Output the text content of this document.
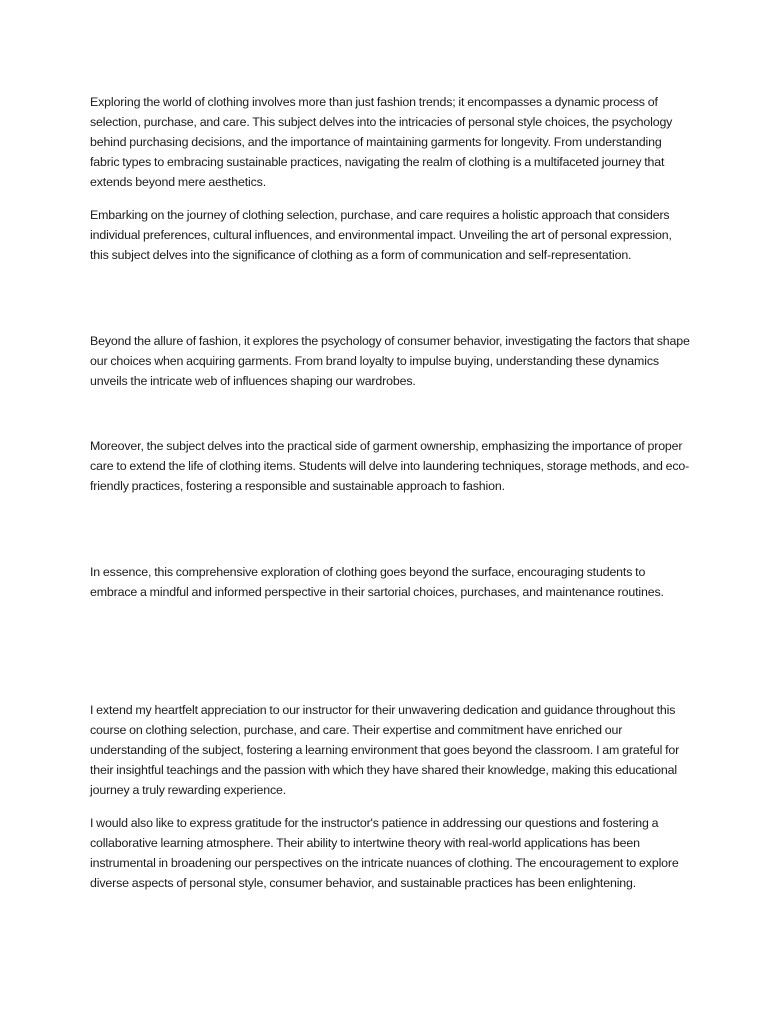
Exploring the world of clothing involves more than just fashion trends; it encompasses a dynamic process of selection, purchase, and care. This subject delves into the intricacies of personal style choices, the psychology behind purchasing decisions, and the importance of maintaining garments for longevity. From understanding fabric types to embracing sustainable practices, navigating the realm of clothing is a multifaceted journey that extends beyond mere aesthetics.

Embarking on the journey of clothing selection, purchase, and care requires a holistic approach that considers individual preferences, cultural influences, and environmental impact. Unveiling the art of personal expression, this subject delves into the significance of clothing as a form of communication and self-representation.

Beyond the allure of fashion, it explores the psychology of consumer behavior, investigating the factors that shape our choices when acquiring garments. From brand loyalty to impulse buying, understanding these dynamics unveils the intricate web of influences shaping our wardrobes.

Moreover, the subject delves into the practical side of garment ownership, emphasizing the importance of proper care to extend the life of clothing items. Students will delve into laundering techniques, storage methods, and eco-friendly practices, fostering a responsible and sustainable approach to fashion.

In essence, this comprehensive exploration of clothing goes beyond the surface, encouraging students to embrace a mindful and informed perspective in their sartorial choices, purchases, and maintenance routines.

I extend my heartfelt appreciation to our instructor for their unwavering dedication and guidance throughout this course on clothing selection, purchase, and care. Their expertise and commitment have enriched our understanding of the subject, fostering a learning environment that goes beyond the classroom. I am grateful for their insightful teachings and the passion with which they have shared their knowledge, making this educational journey a truly rewarding experience.

I would also like to express gratitude for the instructor's patience in addressing our questions and fostering a collaborative learning atmosphere. Their ability to intertwine theory with real-world applications has been instrumental in broadening our perspectives on the intricate nuances of clothing. The encouragement to explore diverse aspects of personal style, consumer behavior, and sustainable practices has been enlightening.
